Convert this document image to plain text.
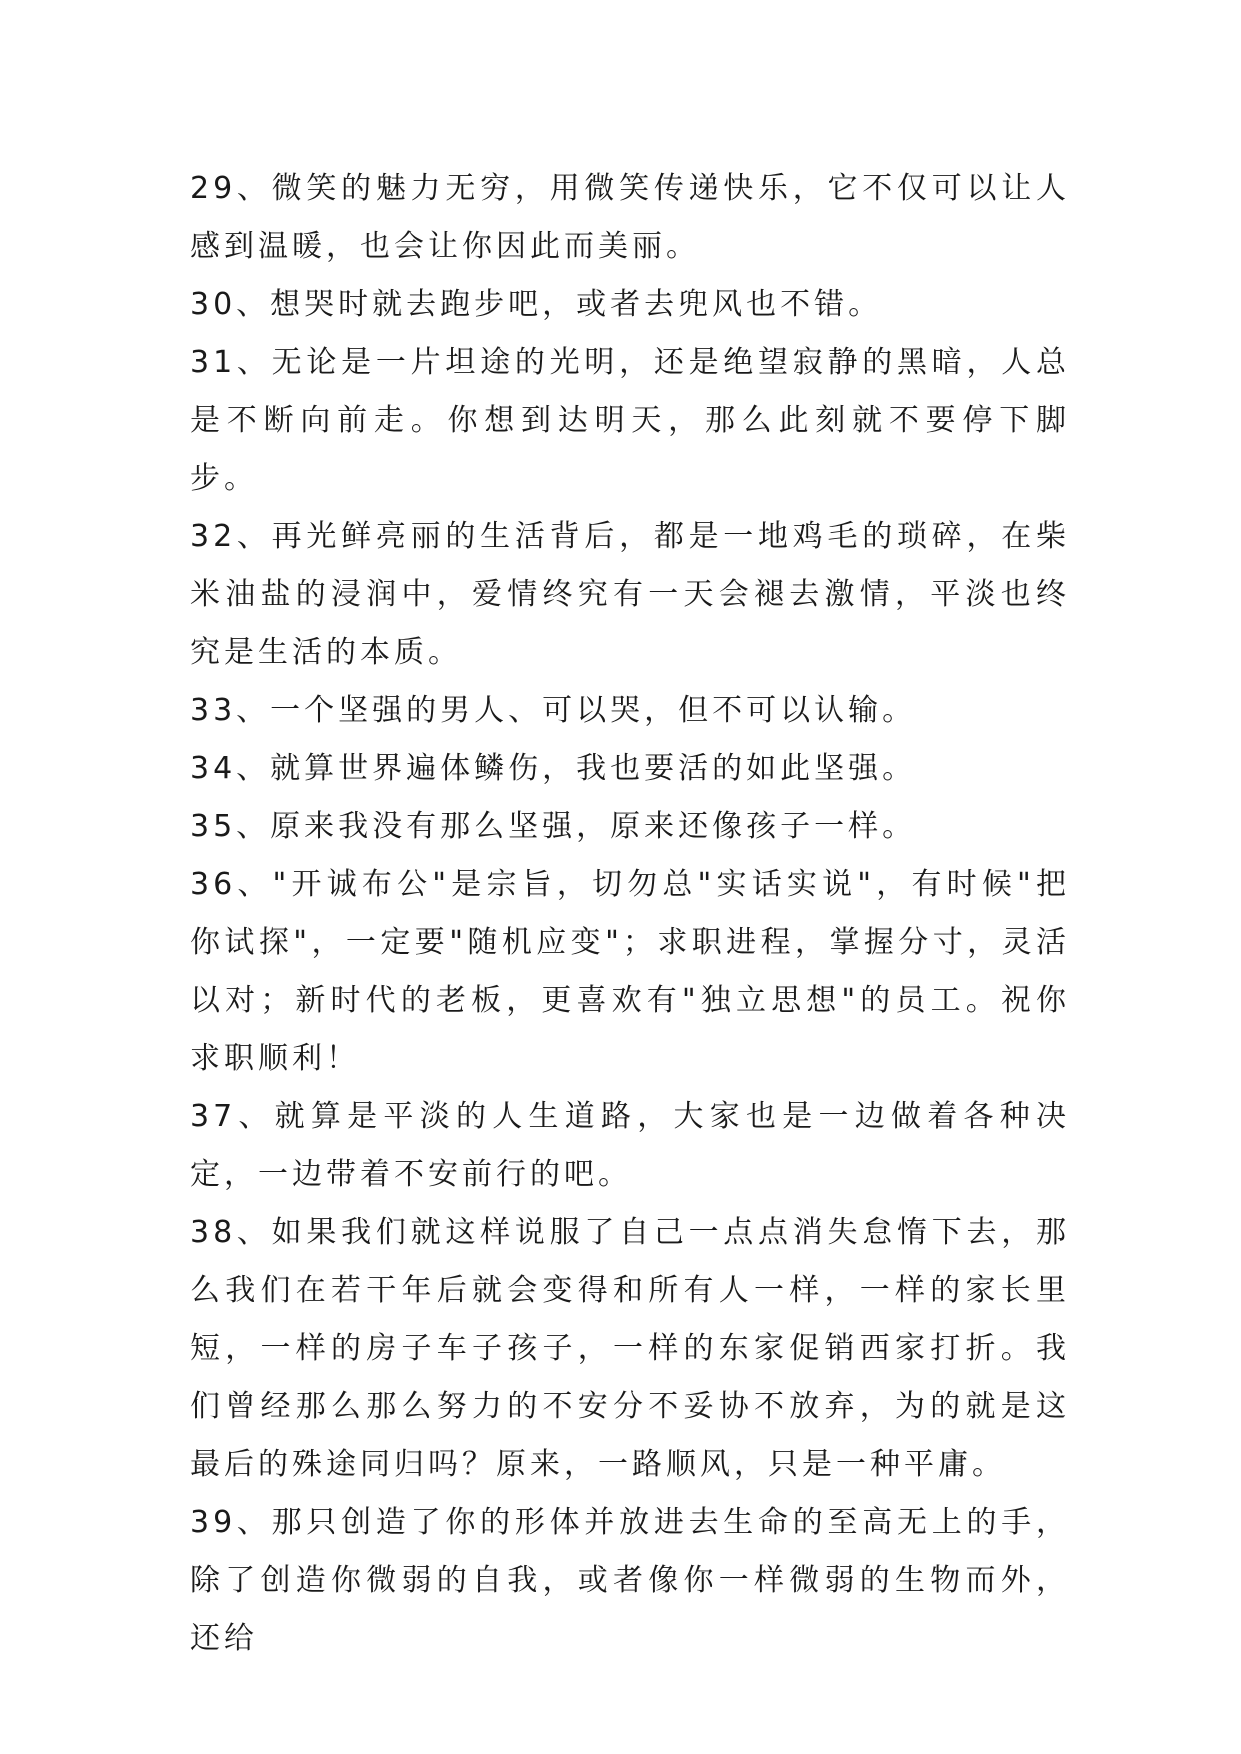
29、微笑的魅力无穷，用微笑传递快乐，它不仅可以让人感到温暖，也会让你因此而美丽。

30、想哭时就去跑步吧，或者去兜风也不错。

31、无论是一片坦途的光明，还是绝望寂静的黑暗，人总是不断向前走。你想到达明天，那么此刻就不要停下脚步。

32、再光鲜亮丽的生活背后，都是一地鸡毛的琐碎，在柴米油盐的浸润中，爱情终究有一天会褪去激情，平淡也终究是生活的本质。

33、一个坚强的男人、可以哭，但不可以认输。

34、就算世界遍体鳞伤，我也要活的如此坚强。

35、原来我没有那么坚强，原来还像孩子一样。

36、"开诚布公"是宗旨，切勿总"实话实说"，有时候"把你试探"，一定要"随机应变"；求职进程，掌握分寸，灵活以对；新时代的老板，更喜欢有"独立思想"的员工。祝你求职顺利！

37、就算是平淡的人生道路，大家也是一边做着各种决定，一边带着不安前行的吧。

38、如果我们就这样说服了自己一点点消失怠惰下去，那么我们在若干年后就会变得和所有人一样，一样的家长里短，一样的房子车子孩子，一样的东家促销西家打折。我们曾经那么那么努力的不安分不妥协不放弃，为的就是这最后的殊途同归吗？原来，一路顺风，只是一种平庸。

39、那只创造了你的形体并放进去生命的至高无上的手，除了创造你微弱的自我，或者像你一样微弱的生物而外，还给
